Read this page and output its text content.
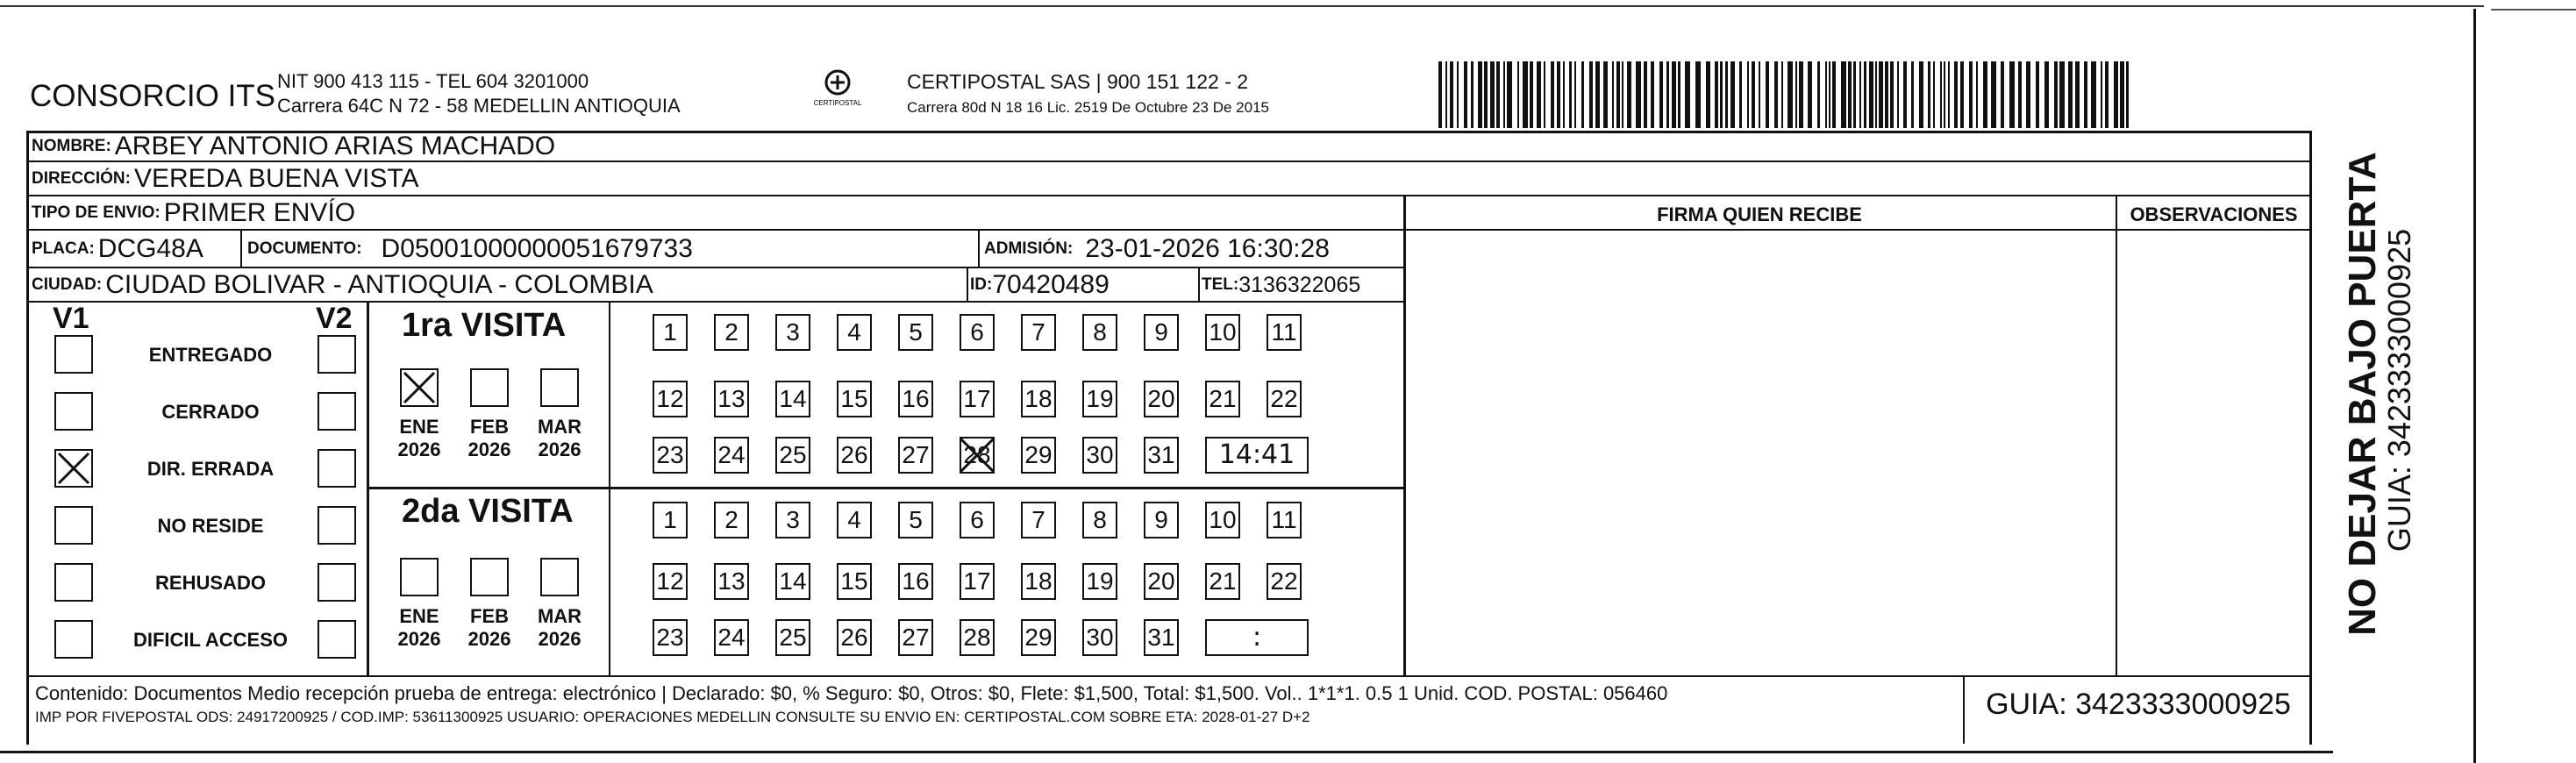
CONSORCIO ITS NIT 900 413 115 - TEL 604 3201000
Carrera 64C N 72 - 58 MEDELLIN ANTIOQUIA	CERTIPOSTAL
CERTIPOSTAL SAS | 900 151 122 - 2
Carrera 80d N 18 16 Lic. 2519 De Octubre 23 De 2015
NOMBRE: ARBEY ANTONIO ARIAS MACHADO
DIRECCIÓN: VEREDA BUENA VISTA
TIPO DE ENVIO: PRIMER ENVÍO	FIRMA QUIEN RECIBE	OBSERVACIONES
PLACA: DCG48A	DOCUMENTO: D0500100000005167973​3	ADMISIÓN: 23-01-2026 16:30:28
CIUDAD: CIUDAD BOLIVAR - ANTIOQUIA - COLOMBIA	ID: 70420489	TEL: 3136322065
V1	V2
ENTREGADO
CERRADO
DIR. ERRADA
NO RESIDE
REHUSADO
DIFICIL ACCESO
1ra VISITA
2da VISITA
ENE
2026
FEB
2026
MAR
2026
ENE
2026
FEB
2026
MAR
2026
1	2	3	4	5	6	7	8	9	10 11
12 13 14 15 16 17 18 19 20 21 22
23 24 25 26 27 28 29 30 31	14:41
1	2	3	4	5	6	7	8	9	10 11
12 13 14 15 16 17 18 19 20 21 22
23 24 25 26 27 28 29 30 31	:
Contenido: Documentos Medio recepción prueba de entrega: electrónico | Declarado: $0, % Seguro: $0, Otros: $0, Flete: $1,500, Total: $1,500. Vol.. 1*1*1. 0.5 1 Unid. COD. POSTAL: 056460
IMP POR FIVEPOSTAL ODS: 24917200925 / COD.IMP: 53611300925 USUARIO: OPERACIONES MEDELLIN CONSULTE SU ENVIO EN: CERTIPOSTAL.COM SOBRE ETA: 2028-01-27 D+2	GUIA: 3423333000925
NO DEJAR BAJO PUERTA
GUIA: 3423333000925
